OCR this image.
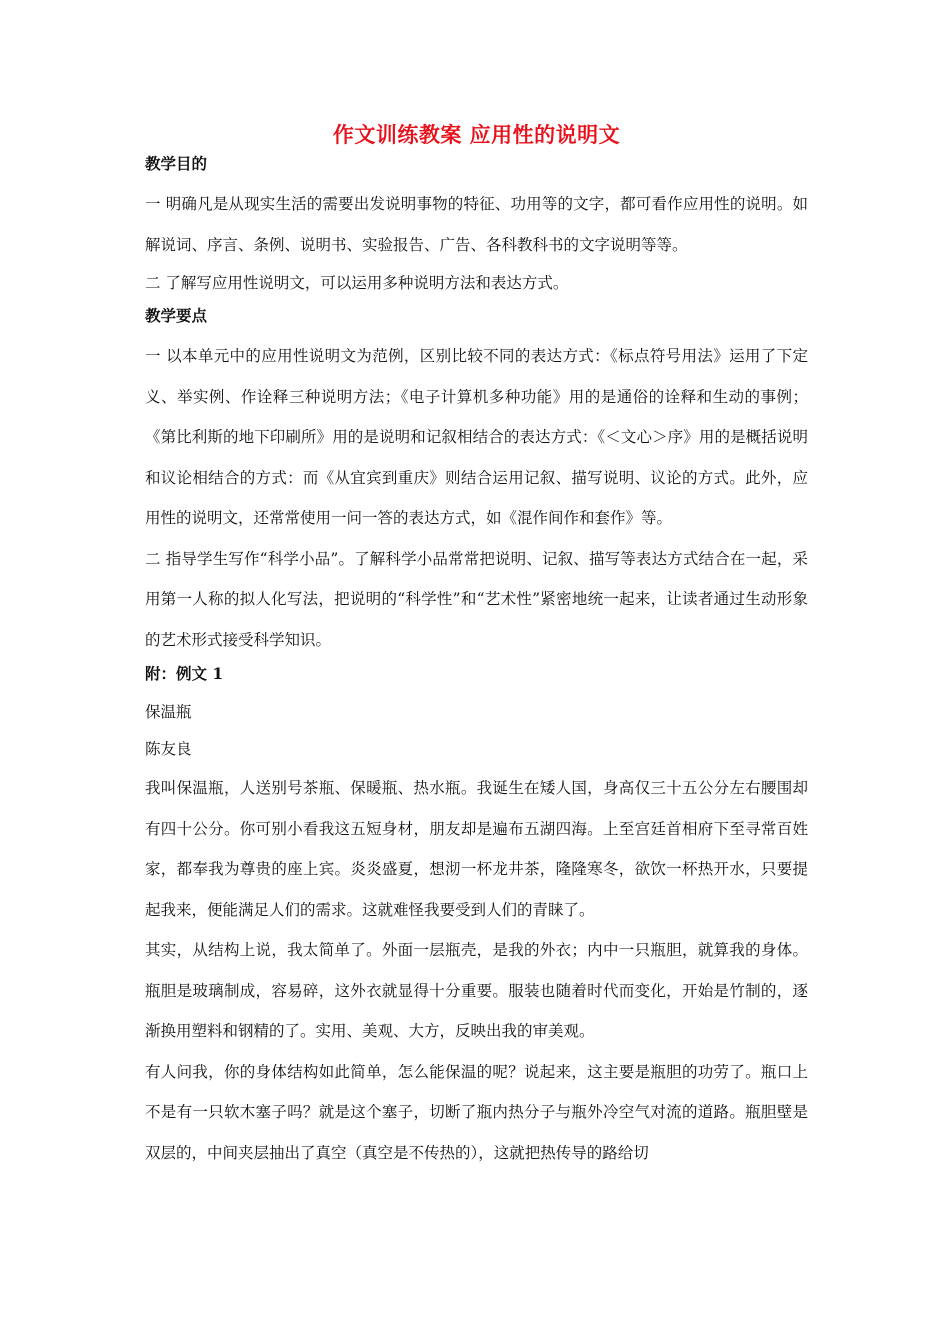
作文训练教案 应用性的说明文
教学目的

一 明确凡是从现实生活的需要出发说明事物的特征、功用等的文字，都可看作应用性的说明。如解说词、序言、条例、说明书、实验报告、广告、各科教科书的文字说明等等。

二 了解写应用性说明文，可以运用多种说明方法和表达方式。

教学要点

一 以本单元中的应用性说明文为范例，区别比较不同的表达方式：《标点符号用法》运用了下定义、举实例、作诠释三种说明方法；《电子计算机多种功能》用的是通俗的诠释和生动的事例；《第比利斯的地下印刷所》用的是说明和记叙相结合的表达方式：《＜文心＞序》用的是概括说明和议论相结合的方式：而《从宜宾到重庆》则结合运用记叙、描写说明、议论的方式。此外，应用性的说明文，还常常使用一问一答的表达方式，如《混作间作和套作》等。

二 指导学生写作“科学小品”。了解科学小品常常把说明、记叙、描写等表达方式结合在一起，采用第一人称的拟人化写法，把说明的“科学性”和“艺术性”紧密地统一起来，让读者通过生动形象的艺术形式接受科学知识。

附：例文 1

保温瓶

陈友良

我叫保温瓶，人送别号茶瓶、保暖瓶、热水瓶。我诞生在矮人国，身高仅三十五公分左右腰围却有四十公分。你可别小看我这五短身材，朋友却是遍布五湖四海。上至宫廷首相府下至寻常百姓家，都奉我为尊贵的座上宾。炎炎盛夏，想沏一杯龙井茶，隆隆寒冬，欲饮一杯热开水，只要提起我来，便能满足人们的需求。这就难怪我要受到人们的青睐了。

其实，从结构上说，我太简单了。外面一层瓶壳，是我的外衣；内中一只瓶胆，就算我的身体。瓶胆是玻璃制成，容易碎，这外衣就显得十分重要。服装也随着时代而变化，开始是竹制的，逐渐换用塑料和钢精的了。实用、美观、大方，反映出我的审美观。

有人问我，你的身体结构如此简单，怎么能保温的呢？说起来，这主要是瓶胆的功劳了。瓶口上不是有一只软木塞子吗？就是这个塞子，切断了瓶内热分子与瓶外冷空气对流的道路。瓶胆壁是双层的，中间夹层抽出了真空（真空是不传热的），这就把热传导的路给切
